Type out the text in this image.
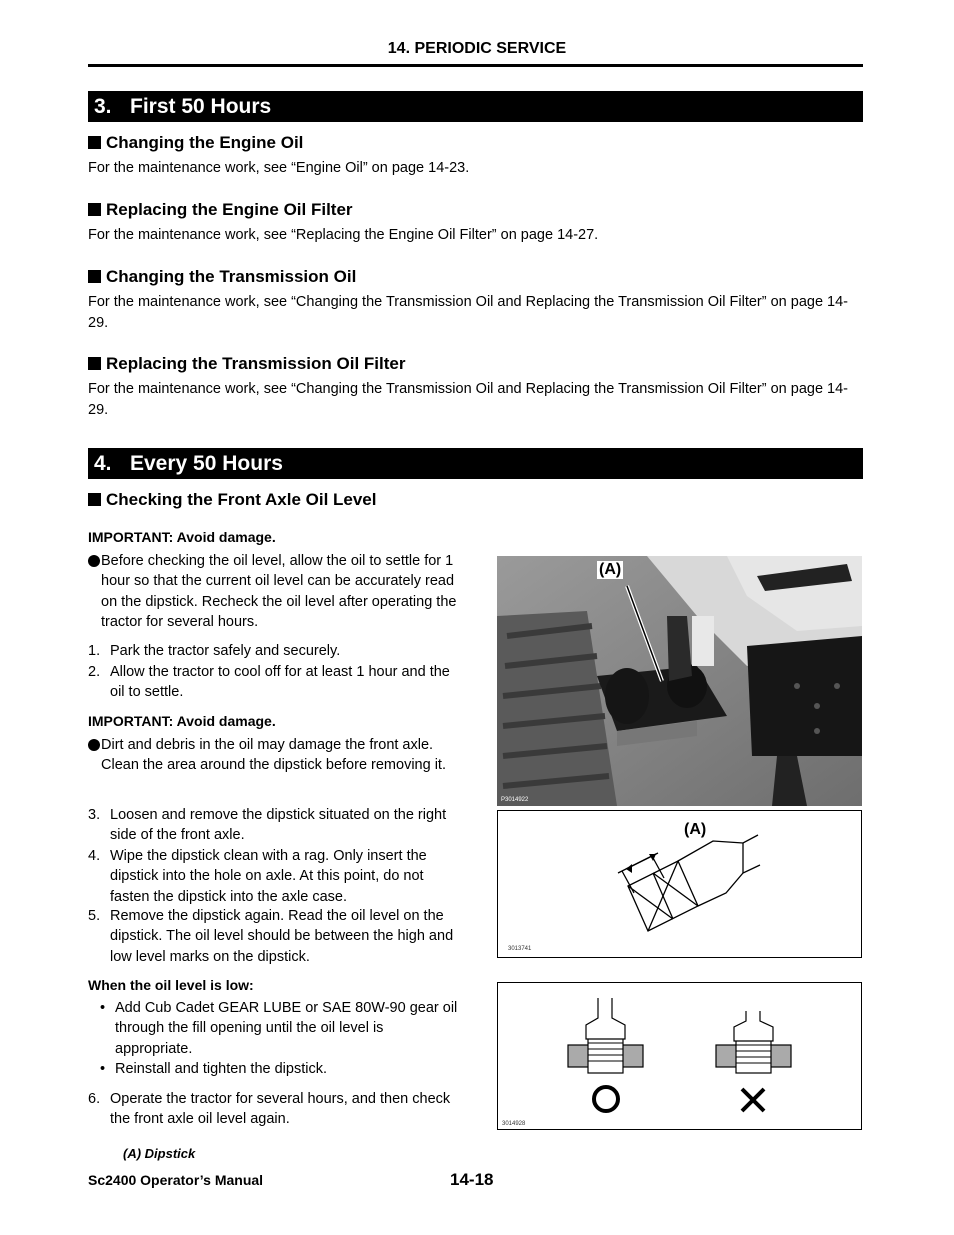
14. PERIODIC SERVICE
3. First 50 Hours
Changing the Engine Oil
For the maintenance work, see “Engine Oil” on page 14-23.
Replacing the Engine Oil Filter
For the maintenance work, see “Replacing the Engine Oil Filter” on page 14-27.
Changing the Transmission Oil
For the maintenance work, see “Changing the Transmission Oil and Replacing the Transmission Oil Filter” on page 14-29.
Replacing the Transmission Oil Filter
For the maintenance work, see “Changing the Transmission Oil and Replacing the Transmission Oil Filter” on page 14-29.
4. Every 50 Hours
Checking the Front Axle Oil Level
IMPORTANT: Avoid damage.
Before checking the oil level, allow the oil to settle for 1 hour so that the current oil level can be accurately read on the dipstick. Recheck the oil level after operating the tractor for several hours.
1. Park the tractor safely and securely.
2. Allow the tractor to cool off for at least 1 hour and the oil to settle.
IMPORTANT: Avoid damage.
Dirt and debris in the oil may damage the front axle. Clean the area around the dipstick before removing it.
3. Loosen and remove the dipstick situated on the right side of the front axle.
4. Wipe the dipstick clean with a rag. Only insert the dipstick into the hole on axle. At this point, do not fasten the dipstick into the axle case.
5. Remove the dipstick again. Read the oil level on the dipstick. The oil level should be between the high and low level marks on the dipstick.
When the oil level is low:
• Add Cub Cadet GEAR LUBE or SAE 80W-90 gear oil through the fill opening until the oil level is appropriate.
• Reinstall and tighten the dipstick.
6. Operate the tractor for several hours, and then check the front axle oil level again.
(A)
P3014922
(A)
3013741
3014928
(A) Dipstick
Sc2400 Operator’s Manual	14-18
